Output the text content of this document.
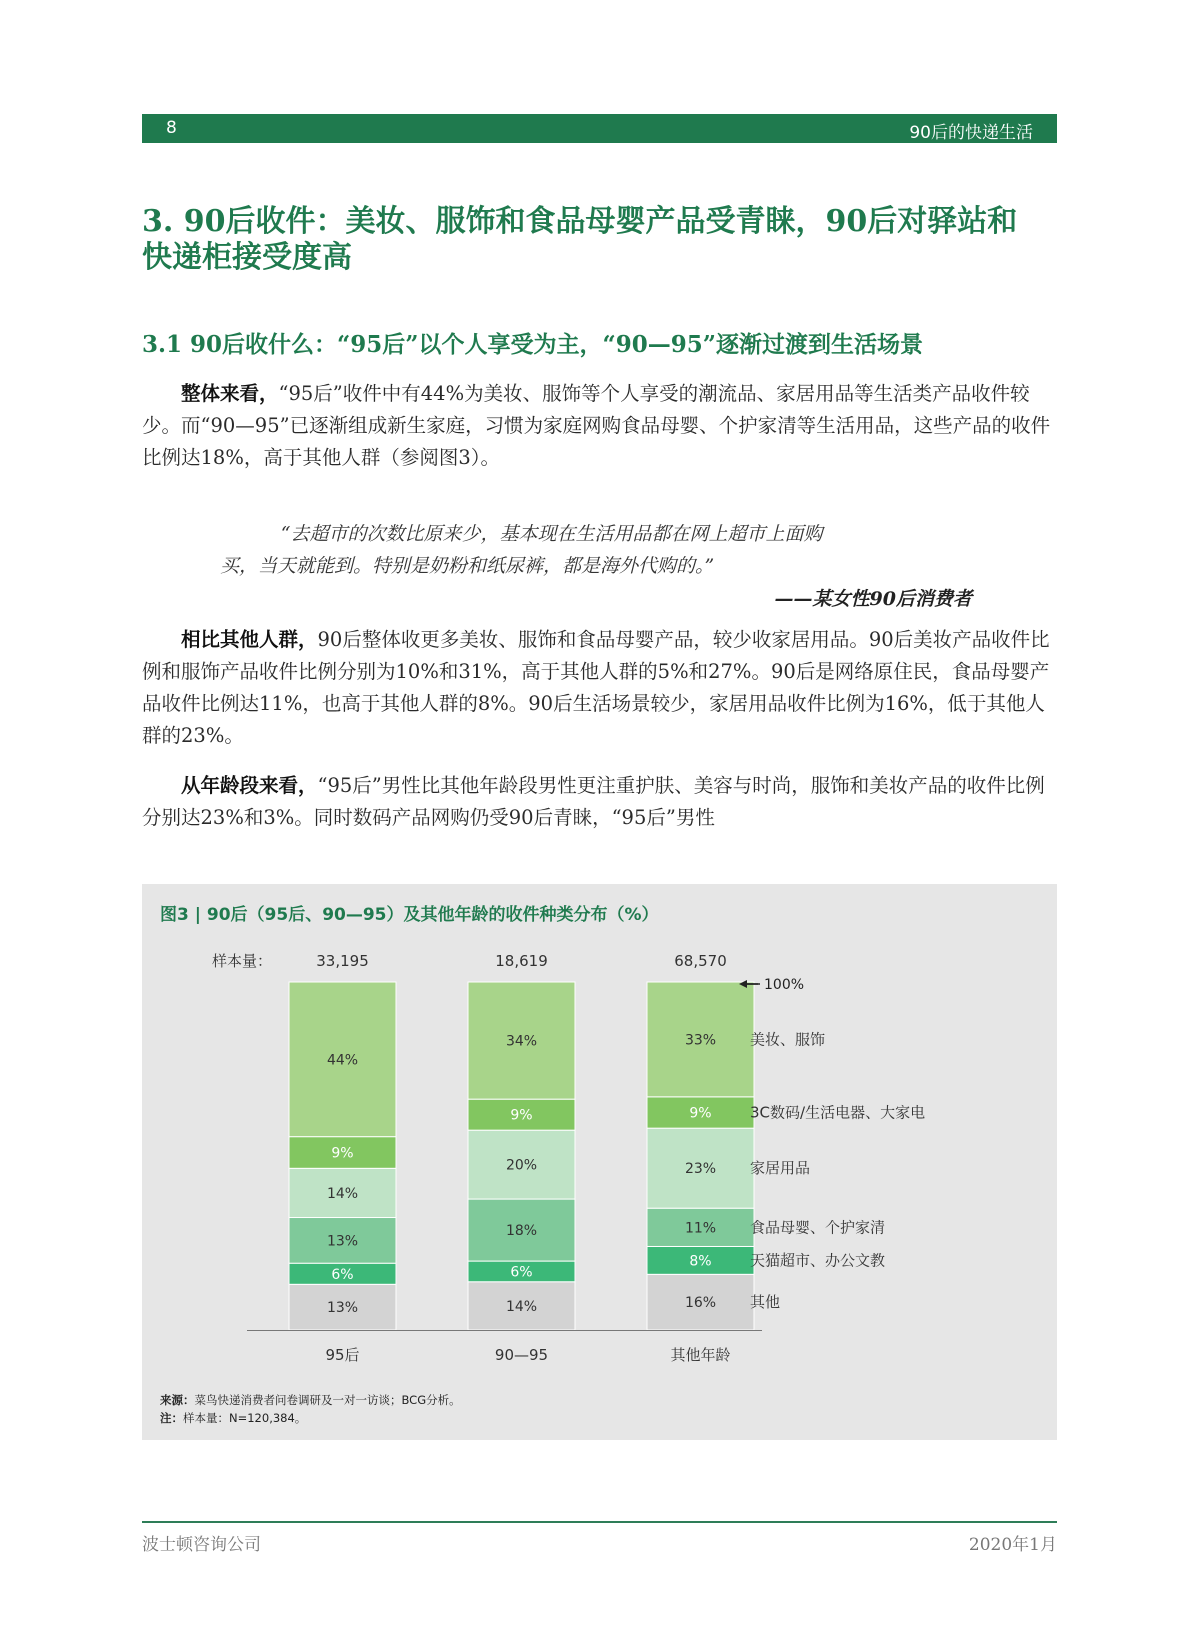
8	90后的快递生活
3. 90后收件：美妆、服饰和食品母婴产品受青睐，90后对驿站和
快递柜接受度高
3.1 90后收什么：“95后”以个人享受为主，“90—95”逐渐过渡到生活场景
整体来看，“95后”收件中有44%为美妆、服饰等个人享受的潮流品、家居用品等生活类产品收件较少。而“90—95”已逐渐组成新生家庭，习惯为家庭网购食品母婴、个护家清等生活用品，这些产品的收件比例达18%，高于其他人群（参阅图3）。
“去超市的次数比原来少，基本现在生活用品都在网上超市上面购
买，当天就能到。特别是奶粉和纸尿裤，都是海外代购的。”
——某女性90后消费者
相比其他人群，90后整体收更多美妆、服饰和食品母婴产品，较少收家居用品。90后美妆产品收件比例和服饰产品收件比例分别为10%和31%，高于其他人群的5%和27%。90后是网络原住民，食品母婴产品收件比例达11%，也高于其他人群的8%。90后生活场景较少，家居用品收件比例为16%，低于其他人群的23%。
从年龄段来看，“95后”男性比其他年龄段男性更注重护肤、美容与时尚，服饰和美妆产品的收件比例分别达23%和3%。同时数码产品网购仍受90后青睐，“95后”男性
图3 | 90后（95后、90—95）及其他年龄的收件种类分布（%）
样本量：	33,195
13%
6%
13%
14%
9%
44%
95后
18,619
14%
6%
18%
20%
9%
34%
90—95
68,570
16%
8%
11%
23%
9%
33%
其他年龄
100%
其他
天猫超市、办公文教
食品母婴、个护家清
家居用品
3C数码/生活电器、大家电
美妆、服饰
来源：菜鸟快递消费者问卷调研及一对一访谈；BCG分析。
注：样本量：N=120,384。
波士顿咨询公司	2020年1月
